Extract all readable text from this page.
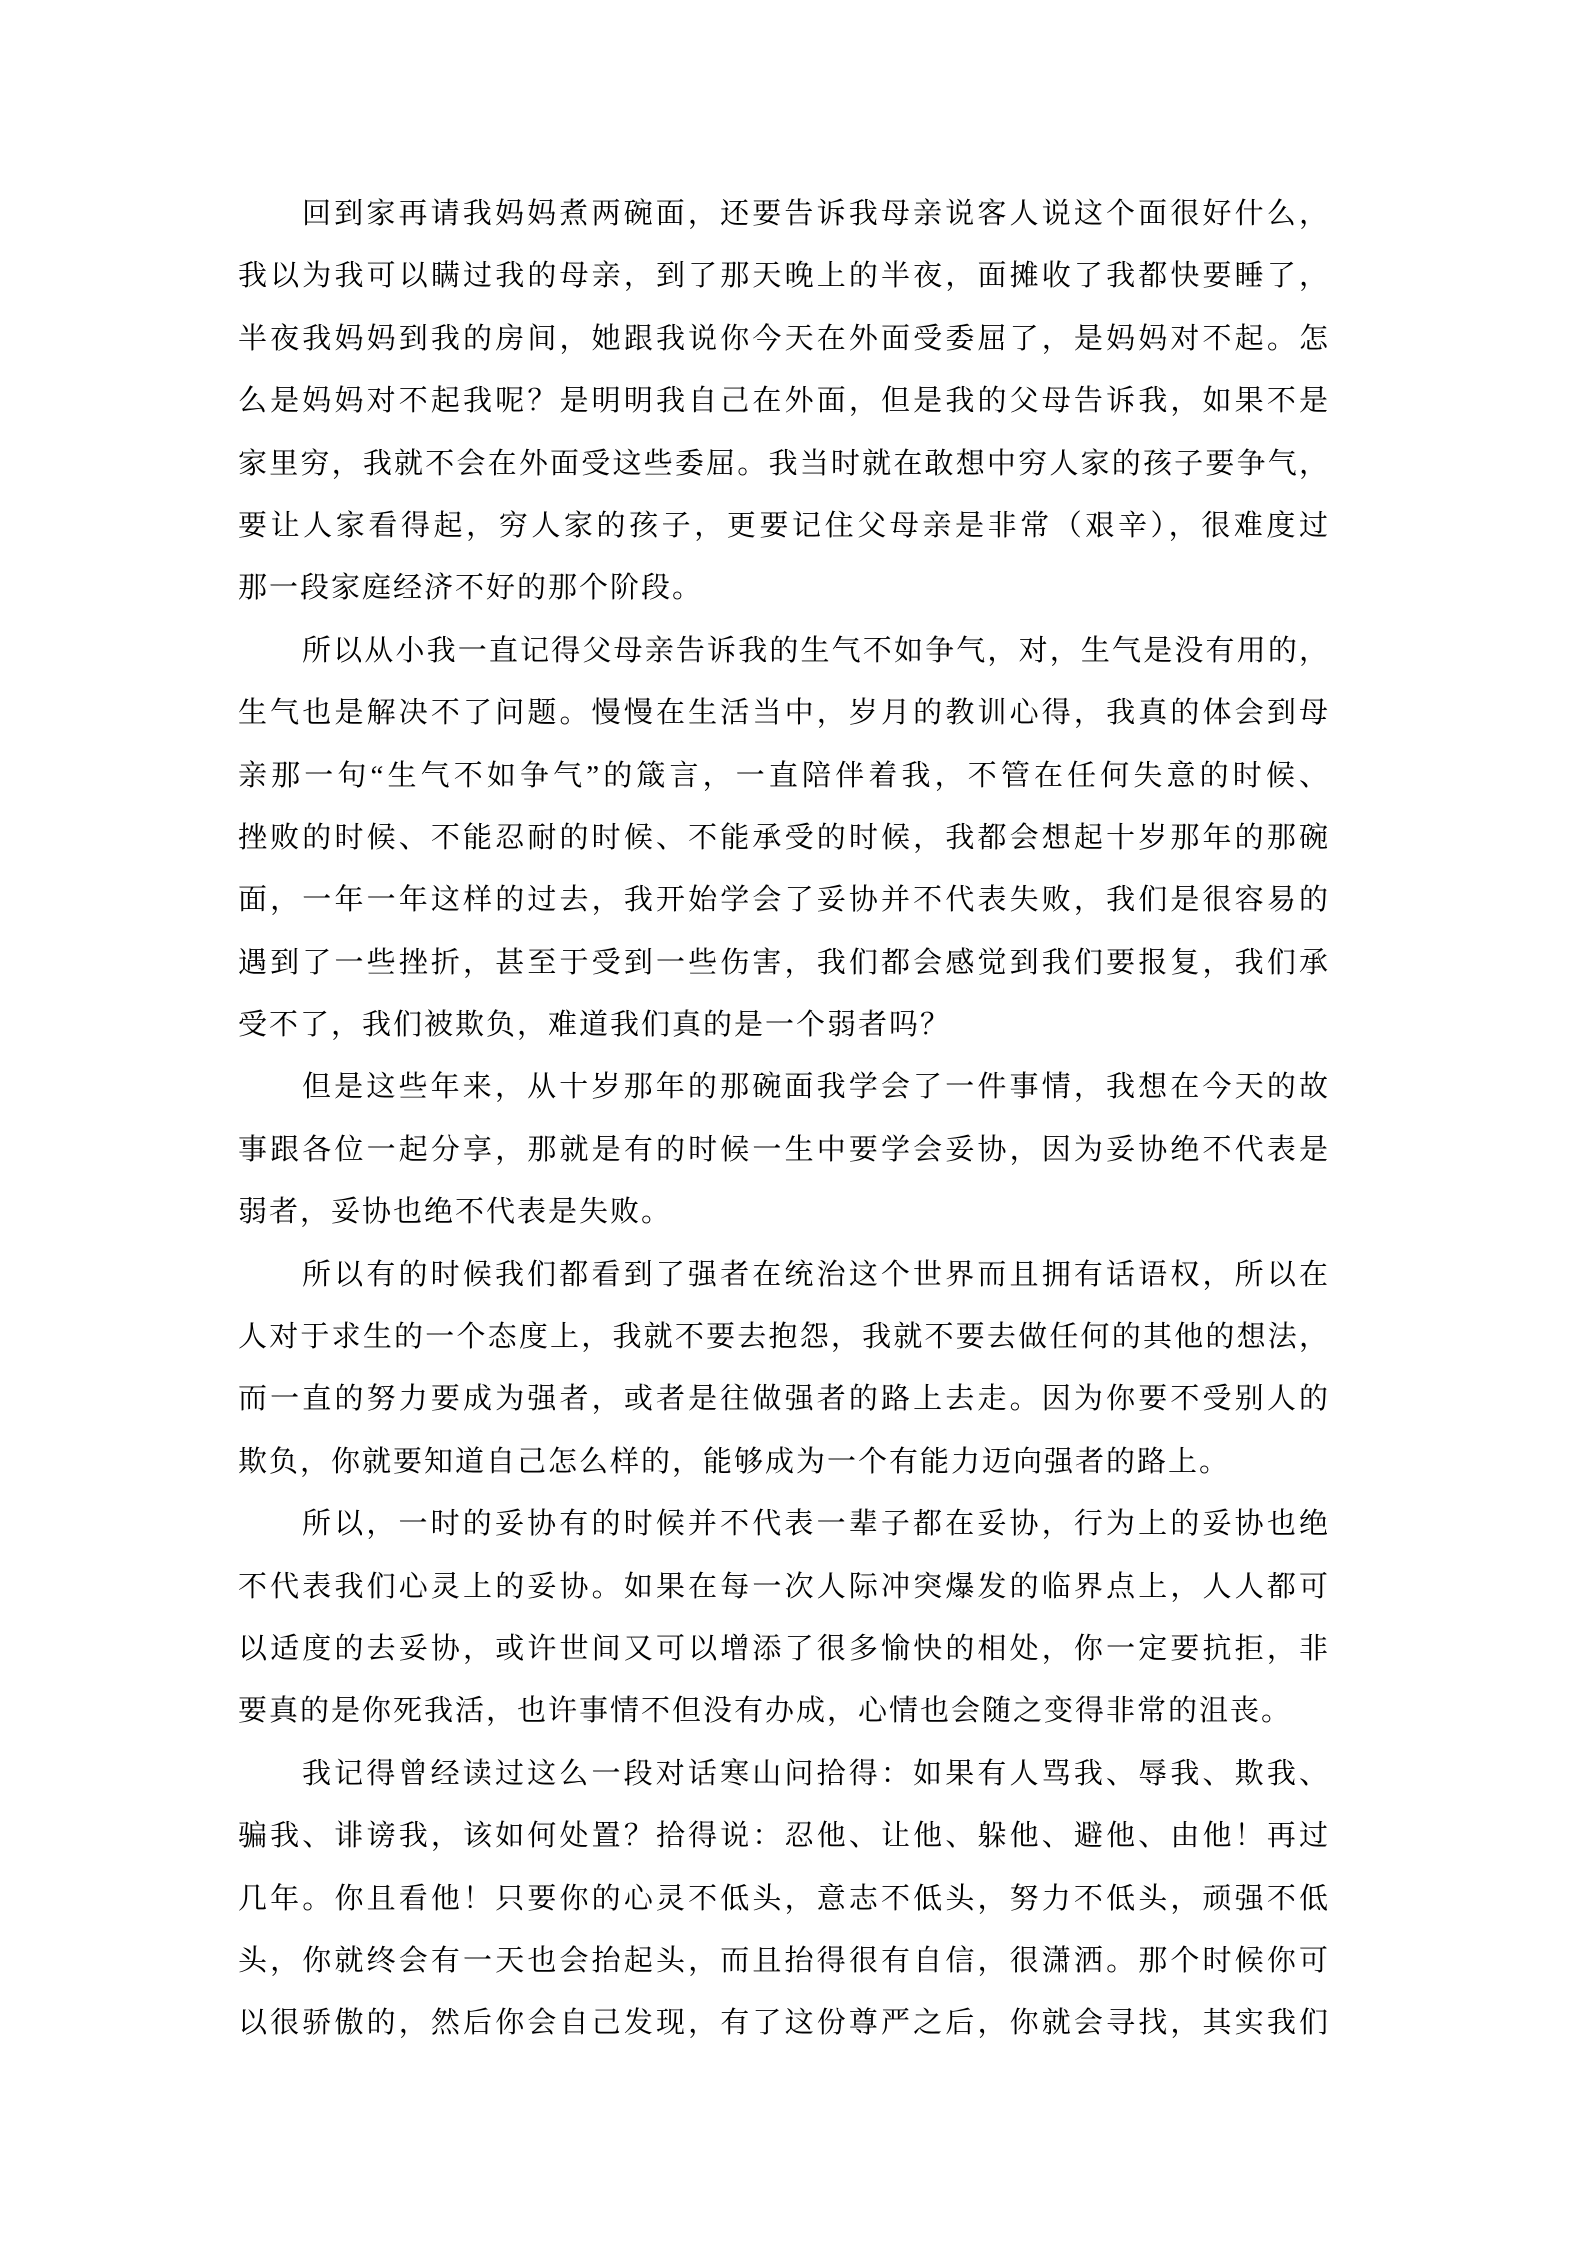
回到家再请我妈妈煮两碗面，还要告诉我母亲说客人说这个面很好什么，
我以为我可以瞒过我的母亲，到了那天晚上的半夜，面摊收了我都快要睡了，
半夜我妈妈到我的房间，她跟我说你今天在外面受委屈了，是妈妈对不起。怎
么是妈妈对不起我呢？是明明我自己在外面，但是我的父母告诉我，如果不是
家里穷，我就不会在外面受这些委屈。我当时就在敢想中穷人家的孩子要争气，
要让人家看得起，穷人家的孩子，更要记住父母亲是非常（艰辛），很难度过
那一段家庭经济不好的那个阶段。
所以从小我一直记得父母亲告诉我的生气不如争气，对，生气是没有用的，
生气也是解决不了问题。慢慢在生活当中，岁月的教训心得，我真的体会到母
亲那一句“生气不如争气”的箴言，一直陪伴着我，不管在任何失意的时候、
挫败的时候、不能忍耐的时候、不能承受的时候，我都会想起十岁那年的那碗
面，一年一年这样的过去，我开始学会了妥协并不代表失败，我们是很容易的
遇到了一些挫折，甚至于受到一些伤害，我们都会感觉到我们要报复，我们承
受不了，我们被欺负，难道我们真的是一个弱者吗？
但是这些年来，从十岁那年的那碗面我学会了一件事情，我想在今天的故
事跟各位一起分享，那就是有的时候一生中要学会妥协，因为妥协绝不代表是
弱者，妥协也绝不代表是失败。
所以有的时候我们都看到了强者在统治这个世界而且拥有话语权，所以在
人对于求生的一个态度上，我就不要去抱怨，我就不要去做任何的其他的想法，
而一直的努力要成为强者，或者是往做强者的路上去走。因为你要不受别人的
欺负，你就要知道自己怎么样的，能够成为一个有能力迈向强者的路上。
所以，一时的妥协有的时候并不代表一辈子都在妥协，行为上的妥协也绝
不代表我们心灵上的妥协。如果在每一次人际冲突爆发的临界点上，人人都可
以适度的去妥协，或许世间又可以增添了很多愉快的相处，你一定要抗拒，非
要真的是你死我活，也许事情不但没有办成，心情也会随之变得非常的沮丧。
我记得曾经读过这么一段对话寒山问拾得：如果有人骂我、辱我、欺我、
骗我、诽谤我，该如何处置？拾得说：忍他、让他、躲他、避他、由他！再过
几年。你且看他！只要你的心灵不低头，意志不低头，努力不低头，顽强不低
头，你就终会有一天也会抬起头，而且抬得很有自信，很潇洒。那个时候你可
以很骄傲的，然后你会自己发现，有了这份尊严之后，你就会寻找，其实我们
